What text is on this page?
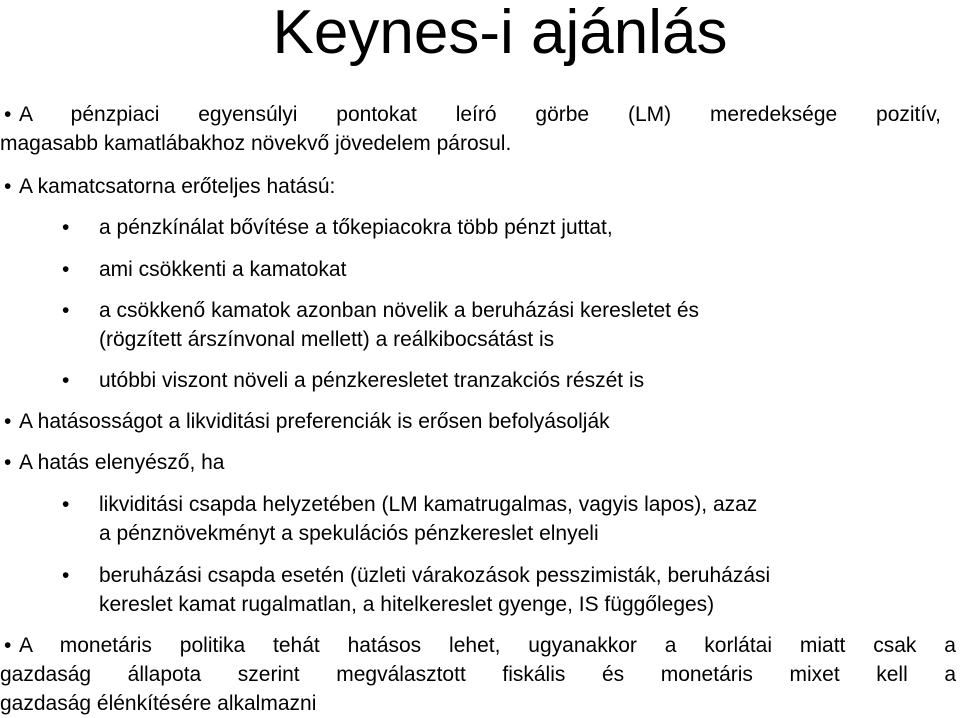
Keynes-i ajánlás
• A pénzpiaci egyensúlyi pontokat leíró görbe (LM) meredeksége pozitív,
magasabb kamatlábakhoz növekvő jövedelem párosul.
• A kamatcsatorna erőteljes hatású:
•	a pénzkínálat bővítése a tőkepiacokra több pénzt juttat,
•	ami csökkenti a kamatokat
•	a csökkenő kamatok azonban növelik a beruházási keresletet és
(rögzített árszínvonal mellett) a reálkibocsátást is
•	utóbbi viszont növeli a pénzkeresletet tranzakciós részét is
• A hatásosságot a likviditási preferenciák is erősen befolyásolják
• A hatás elenyésző, ha
•	likviditási csapda helyzetében (LM kamatrugalmas, vagyis lapos), azaz
a pénznövekményt a spekulációs pénzkereslet elnyeli
•	beruházási csapda esetén (üzleti várakozások pesszimisták, beruházási
kereslet kamat rugalmatlan, a hitelkereslet gyenge, IS függőleges)
• A monetáris politika tehát hatásos lehet, ugyanakkor a korlátai miatt csak a
gazdaság állapota szerint megválasztott fiskális és monetáris mixet kell a
gazdaság élénkítésére alkalmazni
